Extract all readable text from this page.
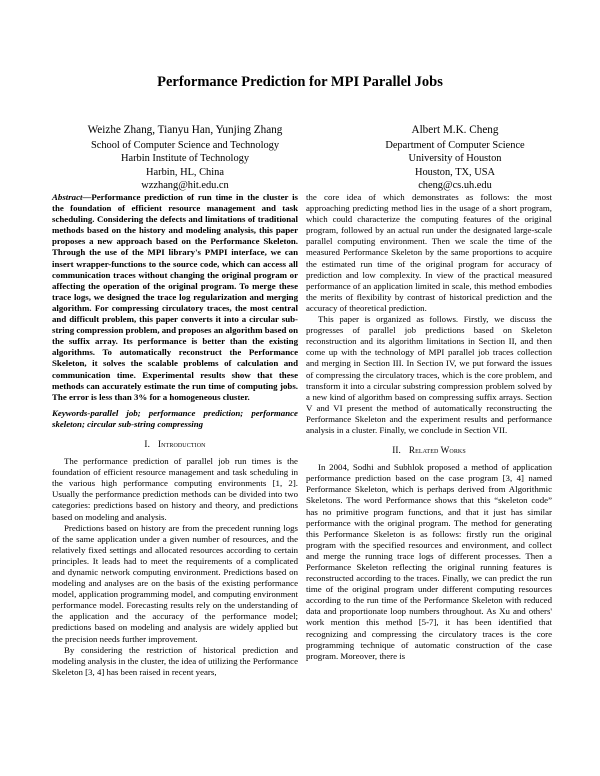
Performance Prediction for MPI Parallel Jobs
Weizhe Zhang, Tianyu Han, Yunjing Zhang
School of Computer Science and Technology
Harbin Institute of Technology
Harbin, HL, China
wzzhang@hit.edu.cn
Albert M.K. Cheng
Department of Computer Science
University of Houston
Houston, TX, USA
cheng@cs.uh.edu
Abstract—Performance prediction of run time in the cluster is the foundation of efficient resource management and task scheduling. Considering the defects and limitations of traditional methods based on the history and modeling analysis, this paper proposes a new approach based on the Performance Skeleton. Through the use of the MPI library's PMPI interface, we can insert wrapper-functions to the source code, which can access all communication traces without changing the original program or affecting the operation of the original program. To merge these trace logs, we designed the trace log regularization and merging algorithm. For compressing circulatory traces, the most central and difficult problem, this paper converts it into a circular sub-string compression problem, and proposes an algorithm based on the suffix array. Its performance is better than the existing algorithms. To automatically reconstruct the Performance Skeleton, it solves the scalable problems of calculation and communication time. Experimental results show that these methods can accurately estimate the run time of computing jobs. The error is less than 3% for a homogeneous cluster.
Keywords-parallel job; performance prediction; performance skeleton; circular sub-string compressing
I. Introduction

The performance prediction of parallel job run times is the foundation of efficient resource management and task scheduling in the various high performance computing environments [1, 2]. Usually the performance prediction methods can be divided into two categories: predictions based on history and theory, and predictions based on modeling and analysis.

Predictions based on history are from the precedent running logs of the same application under a given number of resources, and the relatively fixed settings and allocated resources according to certain principles. It leads had to meet the requirements of a complicated and dynamic network computing environment. Predictions based on modeling and analyses are on the basis of the existing performance model, application programming model, and computing environment performance model. Forecasting results rely on the understanding of the application and the accuracy of the performance model; predictions based on modeling and analysis are widely applied but the precision needs further improvement.

By considering the restriction of historical prediction and modeling analysis in the cluster, the idea of utilizing the Performance Skeleton [3, 4] has been raised in recent years,

the core idea of which demonstrates as follows: the most approaching predicting method lies in the usage of a short program, which could characterize the computing features of the original program, followed by an actual run under the designated large-scale parallel computing environment. Then we scale the time of the measured Performance Skeleton by the same proportions to acquire the estimated run time of the original program for accuracy of prediction and low complexity. In view of the practical measured performance of an application limited in scale, this method embodies the merits of flexibility by contrast of historical prediction and the accuracy of theoretical prediction.

This paper is organized as follows. Firstly, we discuss the progresses of parallel job predictions based on Skeleton reconstruction and its algorithm limitations in Section II, and then come up with the technology of MPI parallel job traces collection and merging in Section III. In Section IV, we put forward the issues of compressing the circulatory traces, which is the core problem, and transform it into a circular substring compression problem solved by a new kind of algorithm based on compressing suffix arrays. Section V and VI present the method of automatically reconstructing the Performance Skeleton and the experiment results and performance analysis in a cluster. Finally, we conclude in Section VII.

II. Related Works

In 2004, Sodhi and Subhlok proposed a method of application performance prediction based on the case program [3, 4] named Performance Skeleton, which is perhaps derived from Algorithmic Skeletons. The word Performance shows that this “skeleton code” has no primitive program functions, and that it just has similar performance with the original program. The method for generating this Performance Skeleton is as follows: firstly run the original program with the specified resources and environment, and collect and merge the running trace logs of different processes. Then a Performance Skeleton reflecting the original running features is reconstructed according to the traces. Finally, we can predict the run time of the original program under different computing resources according to the run time of the Performance Skeleton with reduced data and proportionate loop numbers throughout. As Xu and others' work mention this method [5-7], it has been identified that recognizing and compressing the circulatory traces is the core programming technique of automatic construction of the case program. Moreover, there is
